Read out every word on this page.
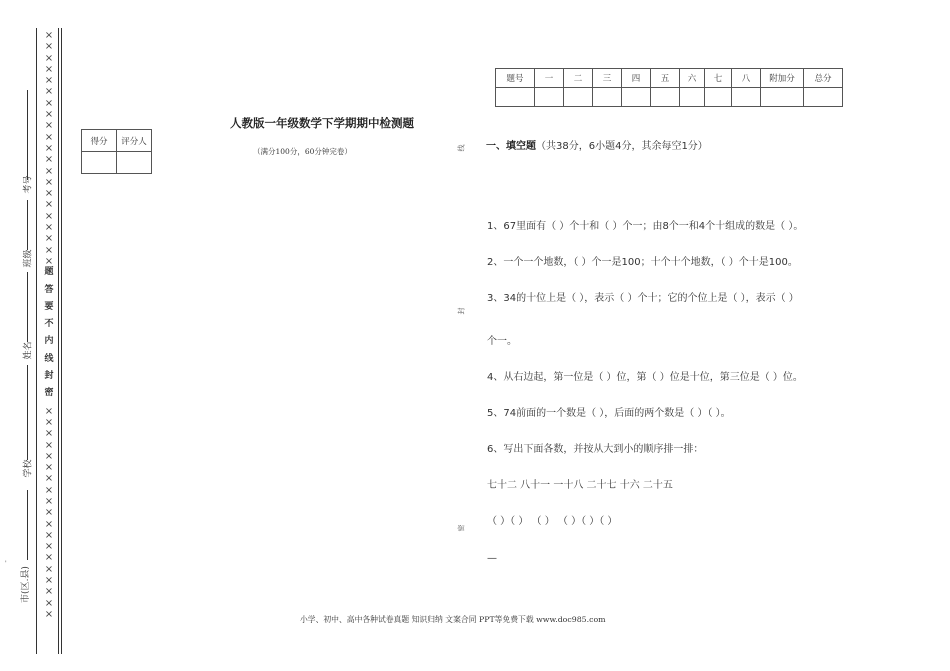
×
×
×
×
×
×
×
×
×
×
×
×
×
×
×
×
×
×
×
×
×
题
答
要
不
内
线
封
密
×
×
×
×
×
×
×
×
×
×
×
×
×
×
×
×
×
×
×
考号
班级
姓名
学校
市(区.县)
'
得分	评分人

题号	一	二	三	四	五	六	七	八	附加分	总分

人教版一年级数学下学期期中检测题
（满分100分，60分钟完卷）	线
封
密
一、填空题（共38分，6小题4分，其余每空1分）
1、67里面有（ ）个十和（ ）个一；由8个一和4个十组成的数是（ ）。
2、一个一个地数，（ ）个一是100；十个十个地数，（ ）个十是100。
3、34的十位上是（ ），表示（ ）个十；它的个位上是（ ），表示（ ）
个一。
4、从右边起，第一位是（ ）位，第（ ）位是十位，第三位是（ ）位。
5、74前面的一个数是（ ），后面的两个数是（ ）（ ）。
6、写出下面各数，并按从大到小的顺序排一排：
七十二 八十一 一十八 二十七 十六 二十五
（ ）（ ） （ ） （ ）（ ）（ ）
—
小学、初中、高中各种试卷真题 知识归纳 文案合同 PPT等免费下载 www.doc985.com
